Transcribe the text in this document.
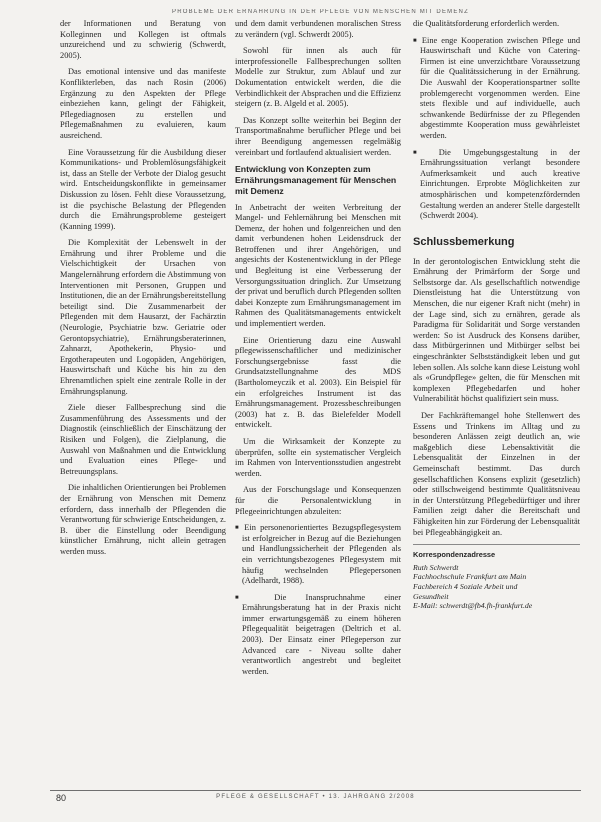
PROBLEME DER ERNÄHRUNG IN DER PFLEGE VON MENSCHEN MIT DEMENZ

der Informationen und Beratung von Kolleginnen und Kollegen ist oftmals unzureichend und zu schwierig (Schwerdt, 2005).

Das emotional intensive und das manifeste Konflikterleben, das nach Rosin (2006) Ergänzung zu den Aspekten der Pflege einbeziehen kann, gelingt der Fähigkeit, Pflegediagnosen zu erstellen und Pflegemaßnahmen zu evaluieren, kaum ausreichend.

Eine Voraussetzung für die Ausbildung dieser Kommunikations- und Problemlösungsfähigkeit ist, dass an Stelle der Verbote der Dialog gesucht wird. Entscheidungskonflikte in gemeinsamer Diskussion zu lösen. Fehlt diese Voraussetzung, ist die psychische Belastung der Pflegenden durch die Ernährungsprobleme gesteigert (Kanning 1999).

Die Komplexität der Lebenswelt in der Ernährung und ihrer Probleme und die Vielschichtigkeit der Ursachen von Mangelernährung erfordern die Abstimmung von Interventionen mit Personen, Gruppen und Institutionen, die an der Ernährungsbereitstellung beteiligt sind. Die Zusammenarbeit der Pflegenden mit dem Hausarzt, der Fachärztin (Neurologie, Psychiatrie bzw. Geriatrie oder Gerontopsychiatrie), Ernährungsberaterinnen, Zahnarzt, Apothekerin, Physio- und Ergotherapeuten und Logopäden, Angehörigen, Hauswirtschaft und Küche bis hin zu den Ehrenamtlichen spielt eine zentrale Rolle in der Ernährungsplanung.

Ziele dieser Fallbesprechung sind die Zusammenführung des Assessments und der Diagnostik (einschließlich der Einschätzung der Risiken und Folgen), die Zielplanung, die Auswahl von Maßnahmen und die Entwicklung und Evaluation eines Pflege- und Betreuungsplans.

Die inhaltlichen Orientierungen bei Problemen der Ernährung von Menschen mit Demenz erfordern, dass innerhalb der Pflegenden die Verantwortung für schwierige Entscheidungen, z. B. über die Einstellung oder Beendigung künstlicher Ernährung, nicht allein getragen werden muss.

und dem damit verbundenen moralischen Stress zu verändern (vgl. Schwerdt 2005).

Sowohl für innen als auch für interprofessionelle Fallbesprechungen sollten Modelle zur Struktur, zum Ablauf und zur Dokumentation entwickelt werden, die die Verbindlichkeit der Absprachen und die Effizienz steigern (z. B. Algeld et al. 2005).

Das Konzept sollte weiterhin bei Beginn der Transportmaßnahme beruflicher Pflege und bei ihrer Beendigung angemessen regelmäßig vereinbart und fortlaufend aktualisiert werden.

Entwicklung von Konzepten zum Ernährungsmanagement für Menschen mit Demenz

In Anbetracht der weiten Verbreitung der Mangel- und Fehlernährung bei Menschen mit Demenz, der hohen und folgenreichen und den damit verbundenen hohen Leidensdruck der Betroffenen und ihrer Angehörigen, und angesichts der Kostenentwicklung in der Pflege und Begleitung ist eine Verbesserung der Versorgungssituation dringlich. Zur Umsetzung der privat und beruflich durch Pflegenden sollten dabei Konzepte zum Ernährungsmanagement im Rahmen des Qualitätsmanagements entwickelt und implementiert werden.

Eine Orientierung dazu eine Auswahl pflegewissenschaftlicher und medizinischer Forschungsergebnisse fasst die Grundsatzstellungnahme des MDS (Bartholomeyczik et al. 2003). Ein Beispiel für ein erfolgreiches Instrument ist das Ernährungsmanagement. Prozessbeschreibungen (2003) hat z. B. das Bielefelder Modell entwickelt.

Um die Wirksamkeit der Konzepte zu überprüfen, sollte ein systematischer Vergleich im Rahmen von Interventionsstudien angestrebt werden.

Aus der Forschungslage und Konsequenzen für die Personalentwicklung in Pflegeeinrichtungen abzuleiten:

■ Ein personenorientiertes Bezugspflegesystem ist erfolgreicher in Bezug auf die Beziehungen und Handlungssicherheit der Pflegenden als ein verrichtungsbezogenes Pflegesystem mit häufig wechselnden Pflegepersonen (Adelhardt, 1988).

■ Die Inanspruchnahme einer Ernährungsberatung hat in der Praxis nicht immer erwartungsgemäß zu einem höheren Pflegequalität beigetragen (Deltrich et al. 2003). Der Einsatz einer Pflegeperson zur Advanced care - Niveau sollte daher verantwortlich angestrebt und begleitet werden.

die Qualitätsforderung erforderlich werden.

■ Eine enge Kooperation zwischen Pflege und Hauswirtschaft und Küche von Catering-Firmen ist eine unverzichtbare Voraussetzung für die Qualitätssicherung in der Ernährung. Die Auswahl der Kooperationspartner sollte problemgerecht vorgenommen werden. Eine stets flexible und auf individuelle, auch schwankende Bedürfnisse der zu Pflegenden abgestimmte Kooperation muss gewährleistet werden.

■ Die Umgebungsgestaltung in der Ernährungssituation verlangt besondere Aufmerksamkeit und auch kreative Einrichtungen. Erprobte Möglichkeiten zur atmosphärischen und kompetenzfördernden Gestaltung werden an anderer Stelle dargestellt (Schwerdt 2004).

Schlussbemerkung

In der gerontologischen Entwicklung steht die Ernährung der Primärform der Sorge und Selbstsorge dar. Als gesellschaftlich notwendige Dienstleistung hat die Unterstützung von Menschen, die nur eigener Kraft nicht (mehr) in der Lage sind, sich zu ernähren, gerade als Paradigma für Solidarität und Sorge verstanden werden: So ist Ausdruck des Konsens darüber, dass Mitbürgerinnen und Mitbürger selbst bei eingeschränkter Selbstständigkeit leben und gut leben sollen. Als solche kann diese Leistung wohl als «Grundpflege» gelten, die für Menschen mit komplexen Pflegebedarfen und hoher Vulnerabilität höchst qualifiziert sein muss.

Der Fachkräftemangel hohe Stellenwert des Essens und Trinkens im Alltag und zu besonderen Anlässen zeigt deutlich an, wie maßgeblich diese Lebensaktivität die Lebensqualität der Einzelnen in der Gemeinschaft bestimmt. Das durch gesellschaftlichen Konsens explizit (gesetzlich) oder stillschweigend bestimmte Qualitätsniveau in der Unterstützung Pflegebedürftiger und ihrer Familien zeigt daher die Bereitschaft und Fähigkeiten hin zur Förderung der Lebensqualität bei Pflegeabhängigkeit an.

Korrespondenzadresse
Ruth Schwerdt
Fachhochschule Frankfurt am Main
Fachbereich 4 Soziale Arbeit und
Gesundheit
E-Mail: schwerdt@fb4.fh-frankfurt.de
80	PFLEGE & GESELLSCHAFT • 13. JAHRGANG 2/2008
